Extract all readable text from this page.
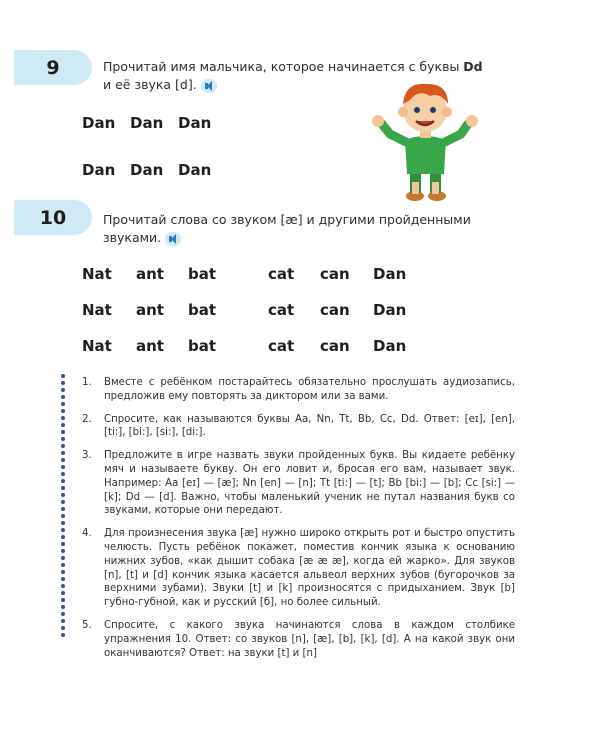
9	Прочитай имя мальчика, которое начинается с буквы Dd
и её звука [d].
Dan Dan Dan
Dan Dan Dan
10	Прочитай слова со звуком [æ] и другими пройденными
звуками.
Nat ant bat	cat can Dan
Nat ant bat	cat can Dan
Nat ant bat	cat can Dan
1.	Вместе с ребёнком постарайтесь обязательно прослушать аудиозапись, предложив ему повторять за диктором или за вами.
2.	Спросите, как называются буквы Aa, Nn, Tt, Bb, Cc, Dd. Ответ: [eɪ], [en], [ti:], [bi:], [si:], [di:].
3.	Предложите в игре назвать звуки пройденных букв. Вы кидаете ребёнку мяч и называете букву. Он его ловит и, бросая его вам, называет звук. Например: Aa [eɪ] — [æ]; Nn [en] — [n]; Tt [ti:] — [t]; Bb [bi:] — [b]; Cc [si:] — [k]; Dd — [d]. Важно, чтобы маленький ученик не путал названия букв со звуками, которые они передают.
4.	Для произнесения звука [æ] нужно широко открыть рот и быстро опустить челюсть. Пусть ребёнок покажет, поместив кончик языка к основанию нижних зубов, «как дышит собака [æ æ æ], когда ей жарко». Для звуков [n], [t] и [d] кончик языка касается альвеол верхних зубов (бугорочков за верхними зубами). Звуки [t] и [k] произносятся с придыханием. Звук [b] губно-губной, как и русский [б], но более сильный.
5.	Спросите, с какого звука начинаются слова в каждом столбике упражнения 10. Ответ: со звуков [n], [æ], [b], [k], [d]. А на какой звук они оканчиваются? Ответ: на звуки [t] и [n]
